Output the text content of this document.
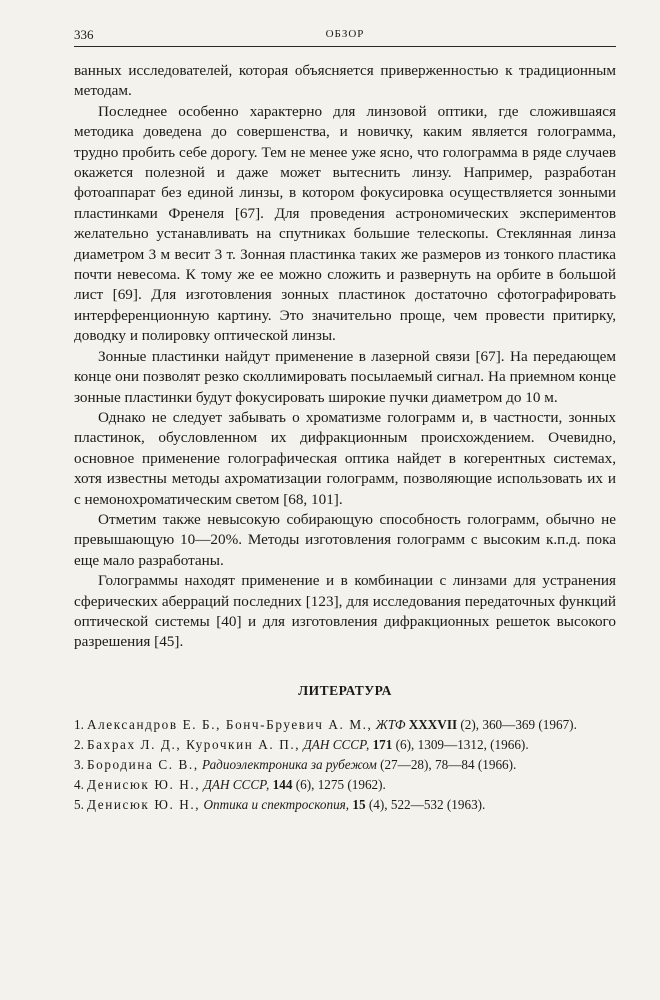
336	ОБЗОР

ванных исследователей, которая объясняется приверженностью к традиционным методам.

Последнее особенно характерно для линзовой оптики, где сложившаяся методика доведена до совершенства, и новичку, каким является голограмма, трудно пробить себе дорогу. Тем не менее уже ясно, что голограмма в ряде случаев окажется полезной и даже может вытеснить линзу. Например, разработан фотоаппарат без единой линзы, в котором фокусировка осуществляется зонными пластинками Френеля [67]. Для проведения астрономических экспериментов желательно устанавливать на спутниках большие телескопы. Стеклянная линза диаметром 3 м весит 3 т. Зонная пластинка таких же размеров из тонкого пластика почти невесома. К тому же ее можно сложить и развернуть на орбите в большой лист [69]. Для изготовления зонных пластинок достаточно сфотографировать интерференционную картину. Это значительно проще, чем провести притирку, доводку и полировку оптической линзы.

Зонные пластинки найдут применение в лазерной связи [67]. На передающем конце они позволят резко сколлимировать посылаемый сигнал. На приемном конце зонные пластинки будут фокусировать широкие пучки диаметром до 10 м.

Однако не следует забывать о хроматизме голограмм и, в частности, зонных пластинок, обусловленном их дифракционным происхождением. Очевидно, основное применение голографическая оптика найдет в когерентных системах, хотя известны методы ахроматизации голограмм, позволяющие использовать их и с немонохроматическим светом [68, 101].

Отметим также невысокую собирающую способность голограмм, обычно не превышающую 10—20%. Методы изготовления голограмм с высоким к.п.д. пока еще мало разработаны.

Голограммы находят применение и в комбинации с линзами для устранения сферических аберраций последних [123], для исследования передаточных функций оптической системы [40] и для изготовления дифракционных решеток высокого разрешения [45].

ЛИТЕРАТУРА
1. Александров Е. Б., Бонч-Бруевич А. М., ЖТФ XXXVII (2), 360—369 (1967).
2. Бахрах Л. Д., Курочкин А. П., ДАН СССР, 171 (6), 1309—1312, (1966).
3. Бородина С. В., Радиоэлектроника за рубежом (27—28), 78—84 (1966).
4. Денисюк Ю. Н., ДАН СССР, 144 (6), 1275 (1962).
5. Денисюк Ю. Н., Оптика и спектроскопия, 15 (4), 522—532 (1963).
